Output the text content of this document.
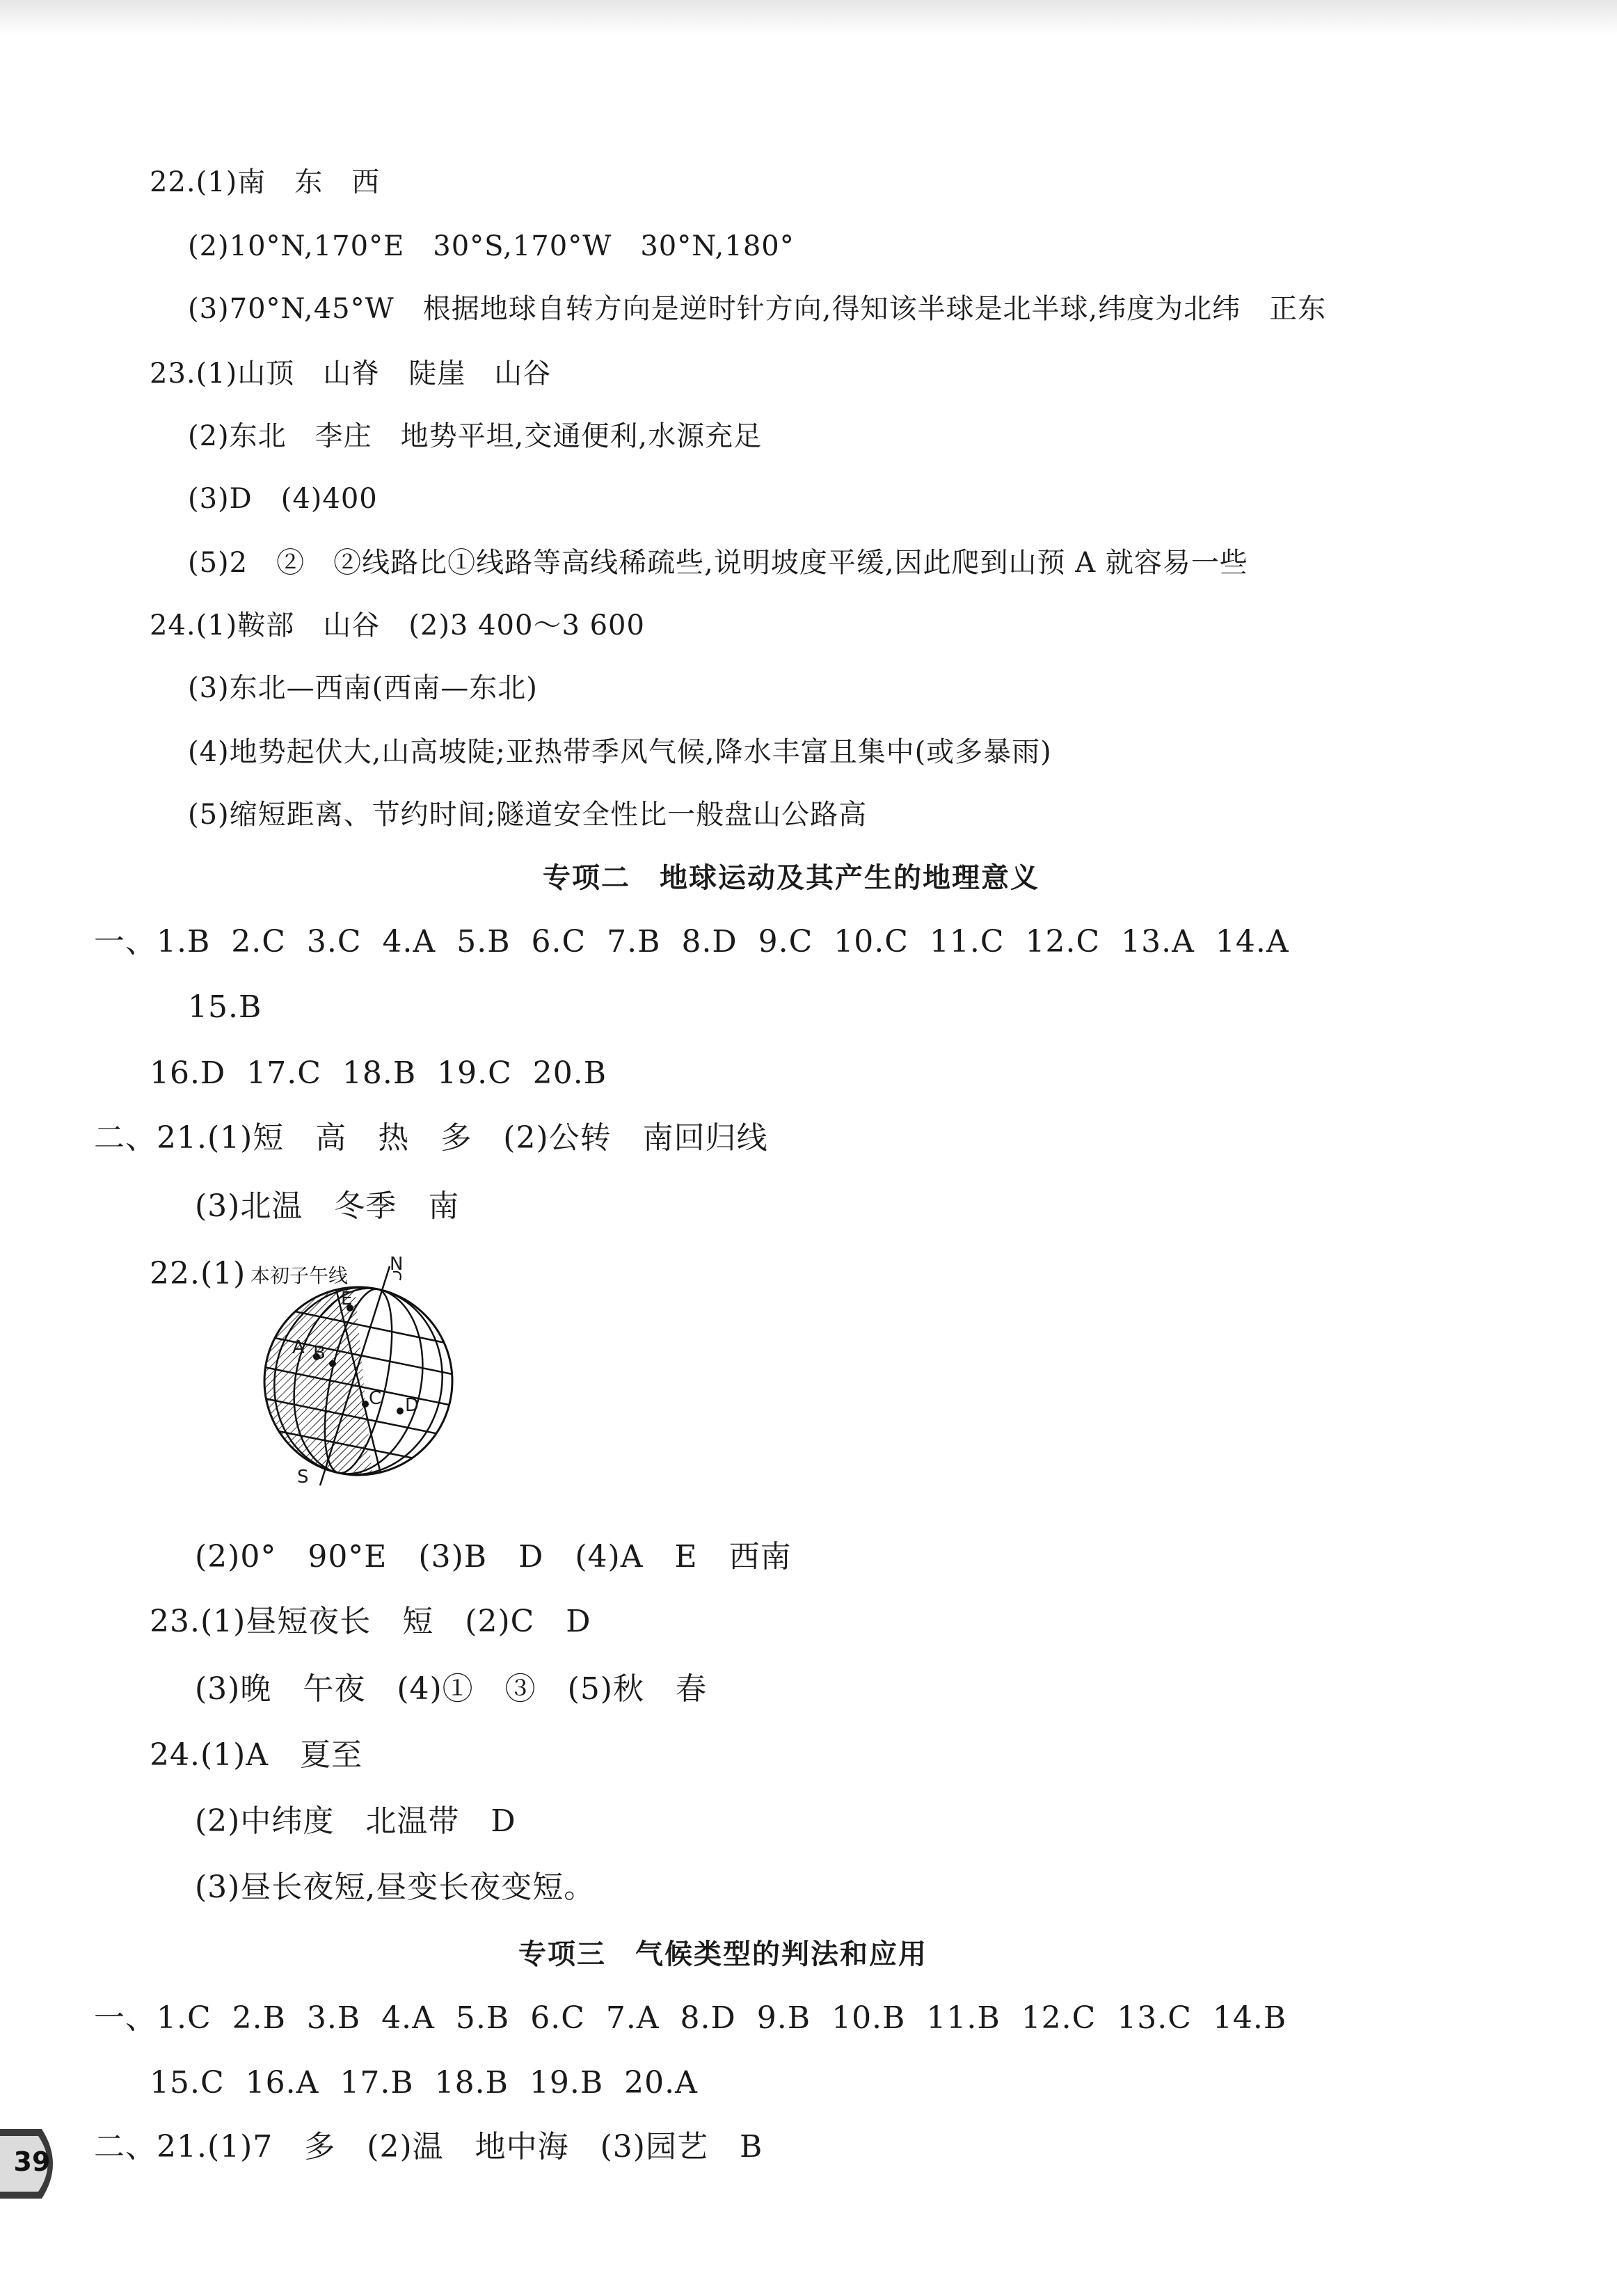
22.(1)南　东　西
(2)10°N,170°E　30°S,170°W　30°N,180°
(3)70°N,45°W　根据地球自转方向是逆时针方向,得知该半球是北半球,纬度为北纬　正东
23.(1)山顶　山脊　陡崖　山谷
(2)东北　李庄　地势平坦,交通便利,水源充足
(3)D　(4)400
(5)2　②　②线路比①线路等高线稀疏些,说明坡度平缓,因此爬到山预 A 就容易一些
24.(1)鞍部　山谷　(2)3 400～3 600
(3)东北—西南(西南—东北)
(4)地势起伏大,山高坡陡;亚热带季风气候,降水丰富且集中(或多暴雨)
(5)缩短距离、节约时间;隧道安全性比一般盘山公路高
专项二　地球运动及其产生的地理意义
一、1.B  2.C  3.C  4.A  5.B  6.C  7.B  8.D  9.C  10.C  11.C  12.C  13.A  14.A
15.B
16.D  17.C  18.B  19.C  20.B
二、21.(1)短　高　热　多　(2)公转　南回归线
(3)北温　冬季　南
22.(1)	N
E
A B
C D
S
本初子午线
(2)0°　90°E　(3)B　D　(4)A　E　西南
23.(1)昼短夜长　短　(2)C　D
(3)晚　午夜　(4)①　③　(5)秋　春
24.(1)A　夏至
(2)中纬度　北温带　D
(3)昼长夜短,昼变长夜变短。
专项三　气候类型的判法和应用
一、1.C  2.B  3.B  4.A  5.B  6.C  7.A  8.D  9.B  10.B  11.B  12.C  13.C  14.B
15.C  16.A  17.B  18.B  19.B  20.A
二、21.(1)7　多　(2)温　地中海　(3)园艺　B
39
